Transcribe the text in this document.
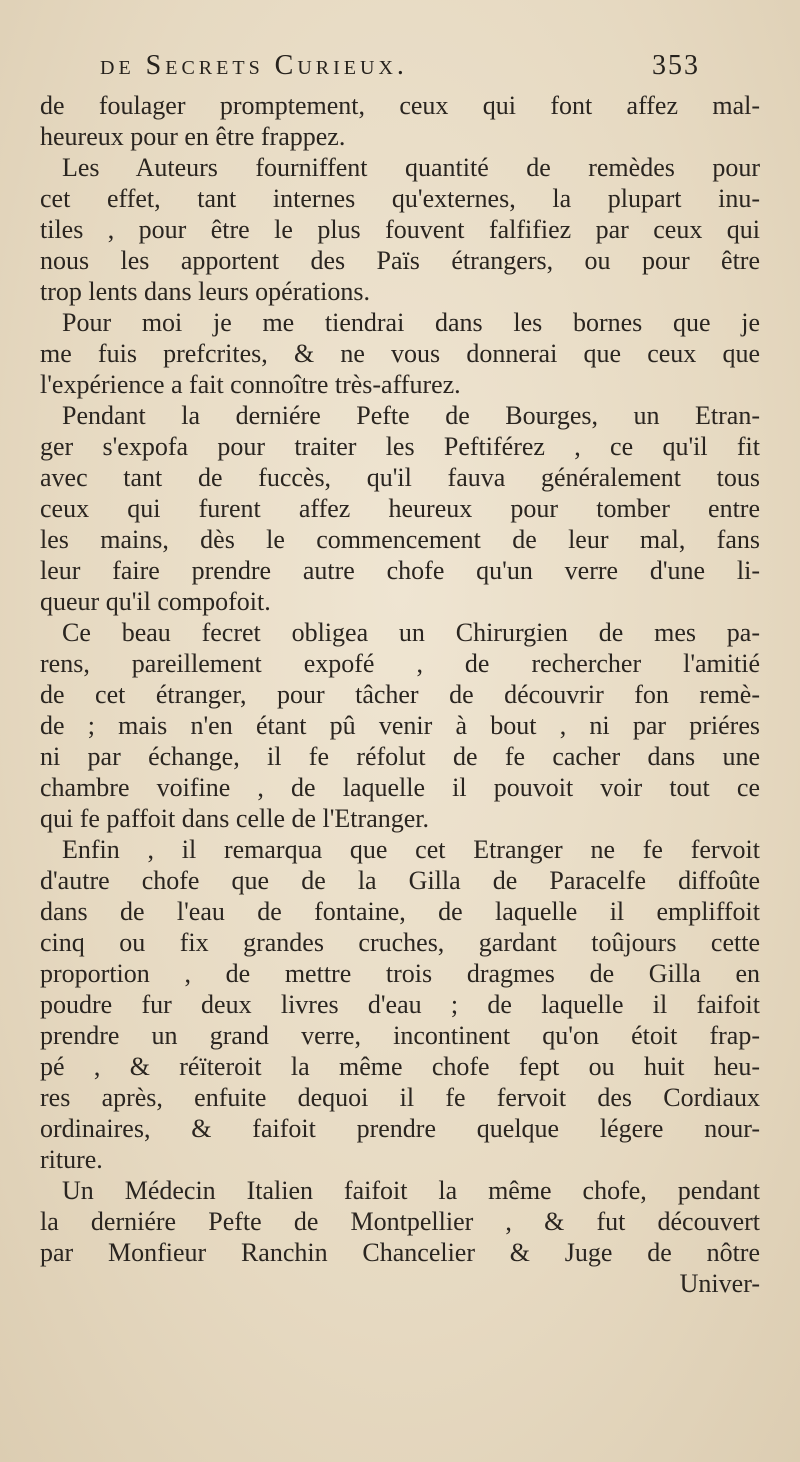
de Secrets Curieux.	353
de foulager promptement, ceux qui font affez mal-
heureux pour en être frappez.
Les Auteurs fourniffent quantité de remèdes pour
cet effet, tant internes qu'externes, la plupart inu-
tiles , pour être le plus fouvent falfifiez par ceux qui
nous les apportent des Païs étrangers, ou pour être
trop lents dans leurs opérations.
Pour moi je me tiendrai dans les bornes que je
me fuis prefcrites, & ne vous donnerai que ceux que
l'expérience a fait connoître très-affurez.
Pendant la derniére Pefte de Bourges, un Etran-
ger s'expofa pour traiter les Peftiférez , ce qu'il fit
avec tant de fuccès, qu'il fauva généralement tous
ceux qui furent affez heureux pour tomber entre
les mains, dès le commencement de leur mal, fans
leur faire prendre autre chofe qu'un verre d'une li-
queur qu'il compofoit.
Ce beau fecret obligea un Chirurgien de mes pa-
rens, pareillement expofé , de rechercher l'amitié
de cet étranger, pour tâcher de découvrir fon remè-
de ; mais n'en étant pû venir à bout , ni par priéres
ni par échange, il fe réfolut de fe cacher dans une
chambre voifine , de laquelle il pouvoit voir tout ce
qui fe paffoit dans celle de l'Etranger.
Enfin , il remarqua que cet Etranger ne fe fervoit
d'autre chofe que de la Gilla de Paracelfe diffoûte
dans de l'eau de fontaine, de laquelle il empliffoit
cinq ou fix grandes cruches, gardant toûjours cette
proportion , de mettre trois dragmes de Gilla en
poudre fur deux livres d'eau ; de laquelle il faifoit
prendre un grand verre, incontinent qu'on étoit frap-
pé , & réïteroit la même chofe fept ou huit heu-
res après, enfuite dequoi il fe fervoit des Cordiaux
ordinaires, & faifoit prendre quelque légere nour-
riture.
Un Médecin Italien faifoit la même chofe, pendant
la derniére Pefte de Montpellier , & fut découvert
par Monfieur Ranchin Chancelier & Juge de nôtre
Univer-
